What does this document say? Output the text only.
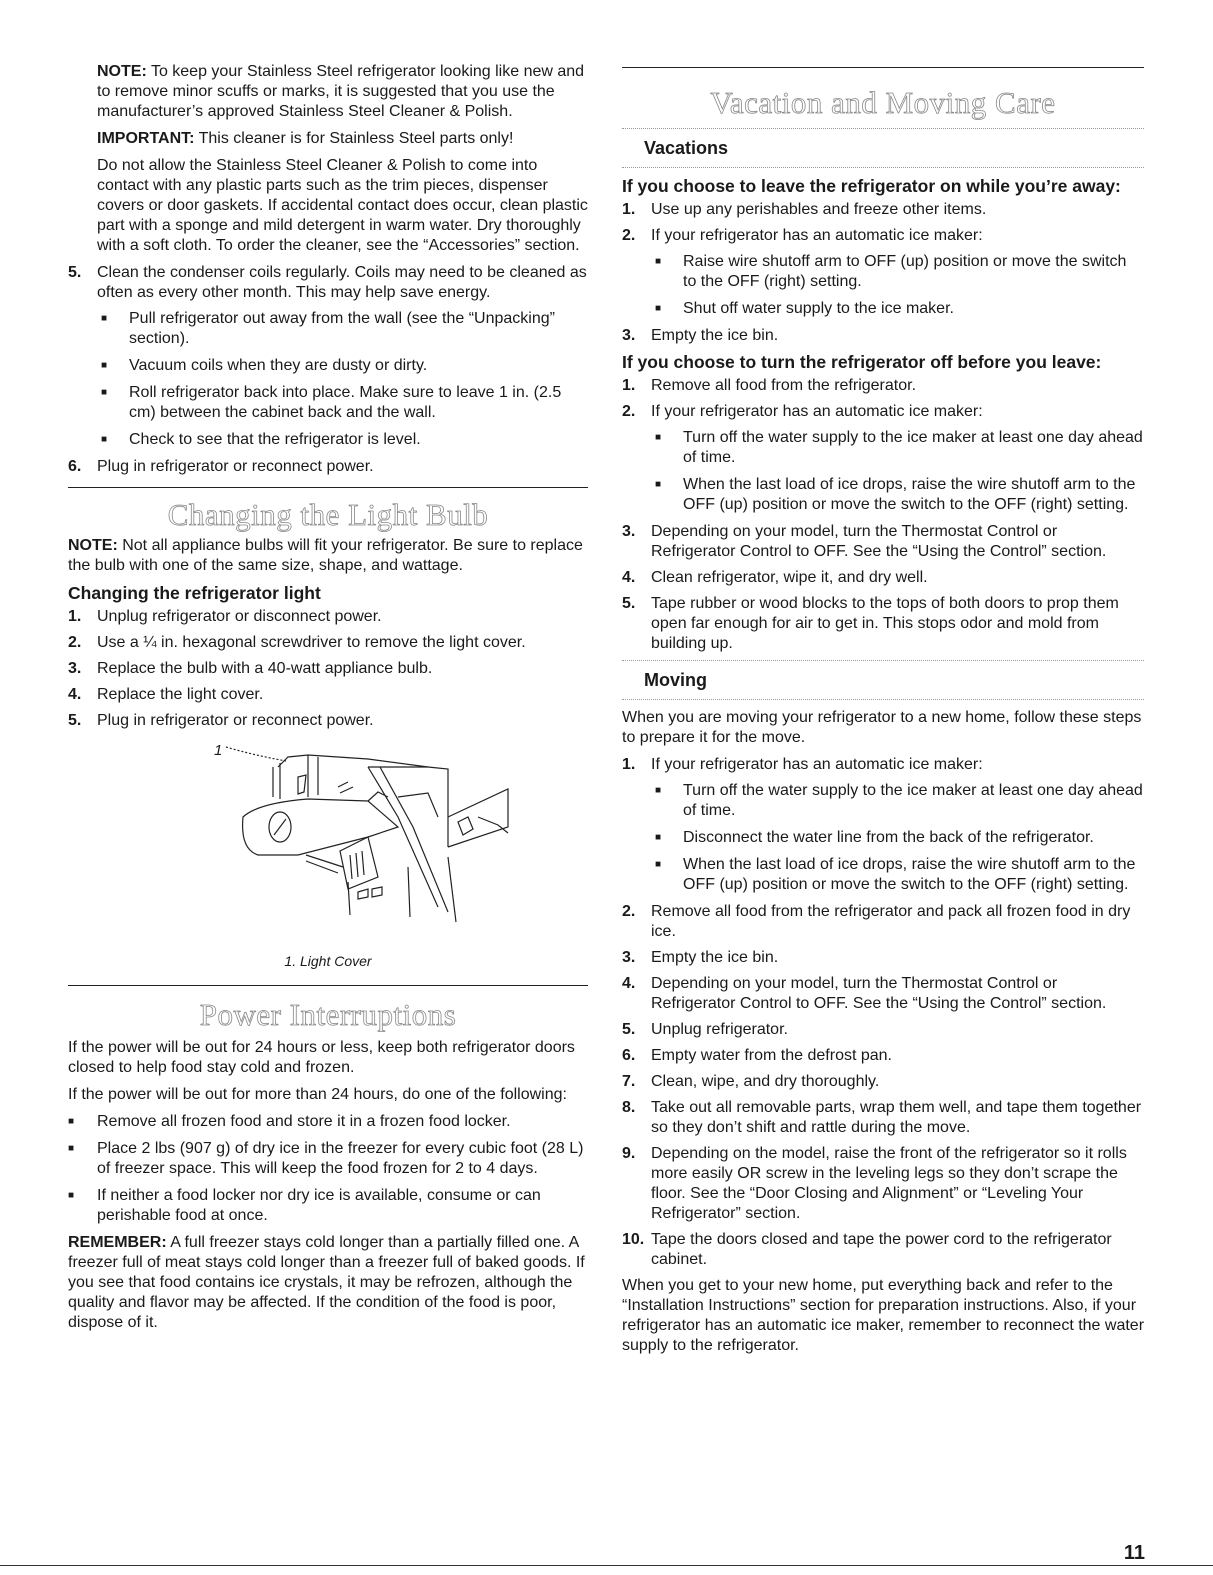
NOTE: To keep your Stainless Steel refrigerator looking like new and to remove minor scuffs or marks, it is suggested that you use the manufacturer’s approved Stainless Steel Cleaner & Polish.

IMPORTANT: This cleaner is for Stainless Steel parts only!

Do not allow the Stainless Steel Cleaner & Polish to come into contact with any plastic parts such as the trim pieces, dispenser covers or door gaskets. If accidental contact does occur, clean plastic part with a sponge and mild detergent in warm water. Dry thoroughly with a soft cloth. To order the cleaner, see the “Accessories” section.

5. Clean the condenser coils regularly. Coils may need to be cleaned as often as every other month. This may help save energy.
■ Pull refrigerator out away from the wall (see the “Unpacking” section).
■ Vacuum coils when they are dusty or dirty.
■ Roll refrigerator back into place. Make sure to leave 1 in. (2.5 cm) between the cabinet back and the wall.
■ Check to see that the refrigerator is level.
6. Plug in refrigerator or reconnect power.
Changing the Light Bulb

NOTE: Not all appliance bulbs will fit your refrigerator. Be sure to replace the bulb with one of the same size, shape, and wattage.

Changing the refrigerator light
1. Unplug refrigerator or disconnect power.
2. Use a ¼ in. hexagonal screwdriver to remove the light cover.
3. Replace the bulb with a 40-watt appliance bulb.
4. Replace the light cover.
5. Plug in refrigerator or reconnect power.
1
1. Light Cover
Power Interruptions

If the power will be out for 24 hours or less, keep both refrigerator doors closed to help food stay cold and frozen.

If the power will be out for more than 24 hours, do one of the following:

■ Remove all frozen food and store it in a frozen food locker.
■ Place 2 lbs (907 g) of dry ice in the freezer for every cubic foot (28 L) of freezer space. This will keep the food frozen for 2 to 4 days.
■ If neither a food locker nor dry ice is available, consume or can perishable food at once.

REMEMBER: A full freezer stays cold longer than a partially filled one. A freezer full of meat stays cold longer than a freezer full of baked goods. If you see that food contains ice crystals, it may be refrozen, although the quality and flavor may be affected. If the condition of the food is poor, dispose of it.

Vacation and Moving Care
Vacations
If you choose to leave the refrigerator on while you’re away:
1. Use up any perishables and freeze other items.
2. If your refrigerator has an automatic ice maker:
■ Raise wire shutoff arm to OFF (up) position or move the switch to the OFF (right) setting.
■ Shut off water supply to the ice maker.
3. Empty the ice bin.
If you choose to turn the refrigerator off before you leave:
1. Remove all food from the refrigerator.
2. If your refrigerator has an automatic ice maker:
■ Turn off the water supply to the ice maker at least one day ahead of time.
■ When the last load of ice drops, raise the wire shutoff arm to the OFF (up) position or move the switch to the OFF (right) setting.
3. Depending on your model, turn the Thermostat Control or Refrigerator Control to OFF. See the “Using the Control” section.
4. Clean refrigerator, wipe it, and dry well.
5. Tape rubber or wood blocks to the tops of both doors to prop them open far enough for air to get in. This stops odor and mold from building up.
Moving

When you are moving your refrigerator to a new home, follow these steps to prepare it for the move.

1. If your refrigerator has an automatic ice maker:
■ Turn off the water supply to the ice maker at least one day ahead of time.
■ Disconnect the water line from the back of the refrigerator.
■ When the last load of ice drops, raise the wire shutoff arm to the OFF (up) position or move the switch to the OFF (right) setting.
2. Remove all food from the refrigerator and pack all frozen food in dry ice.
3. Empty the ice bin.
4. Depending on your model, turn the Thermostat Control or Refrigerator Control to OFF. See the “Using the Control” section.
5. Unplug refrigerator.
6. Empty water from the defrost pan.
7. Clean, wipe, and dry thoroughly.
8. Take out all removable parts, wrap them well, and tape them together so they don’t shift and rattle during the move.
9. Depending on the model, raise the front of the refrigerator so it rolls more easily OR screw in the leveling legs so they don’t scrape the floor. See the “Door Closing and Alignment” or “Leveling Your Refrigerator” section.
10. Tape the doors closed and tape the power cord to the refrigerator cabinet.

When you get to your new home, put everything back and refer to the “Installation Instructions” section for preparation instructions. Also, if your refrigerator has an automatic ice maker, remember to reconnect the water supply to the refrigerator.

11
